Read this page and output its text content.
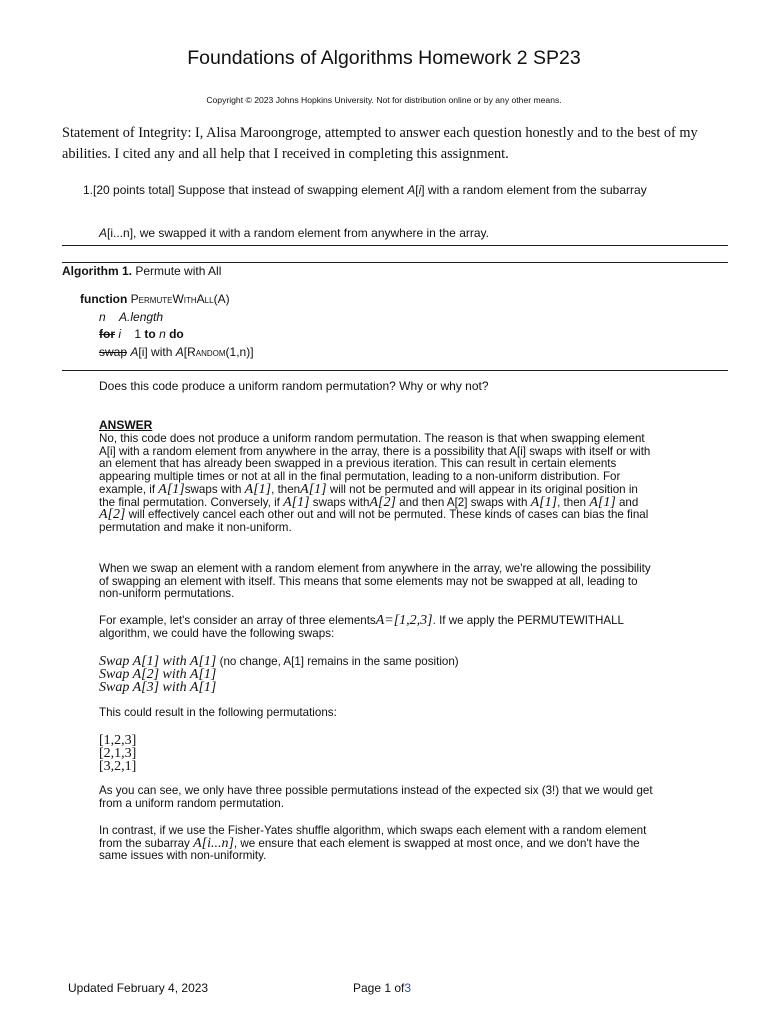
Foundations of Algorithms Homework 2 SP23
Copyright © 2023 Johns Hopkins University. Not for distribution online or by any other means.
Statement of Integrity: I, Alisa Maroongroge, attempted to answer each question honestly and to the best of my abilities. I cited any and all help that I received in completing this assignment.
1.[20 points total] Suppose that instead of swapping element A[i] with a random element from the subarray
A[i...n], we swapped it with a random element from anywhere in the array.
Algorithm 1. Permute with All
function PermuteWithAll(A)
n A.length
for i 1 to n do
swap A[i] with A[Random(1,n)]
Does this code produce a uniform random permutation? Why or why not?
ANSWER
No, this code does not produce a uniform random permutation. The reason is that when swapping element
A[i] with a random element from anywhere in the array, there is a possibility that A[i] swaps with itself or with
an element that has already been swapped in a previous iteration. This can result in certain elements
appearing multiple times or not at all in the final permutation, leading to a non-uniform distribution. For
example, if A[1]swaps with A[1], thenA[1] will not be permuted and will appear in its original position in
the final permutation. Conversely, if A[1] swaps withA[2] and then A[2] swaps with A[1], then A[1] and
A[2] will effectively cancel each other out and will not be permuted. These kinds of cases can bias the final
permutation and make it non-uniform.
When we swap an element with a random element from anywhere in the array, we're allowing the possibility
of swapping an element with itself. This means that some elements may not be swapped at all, leading to
non-uniform permutations.
For example, let's consider an array of three elementsA=[1,2,3]. If we apply the PERMUTEWITHALL
algorithm, we could have the following swaps:
Swap A[1] with A[1] (no change, A[1] remains in the same position)
Swap A[2] with A[1]
Swap A[3] with A[1]
This could result in the following permutations:
[1,2,3]
[2,1,3]
[3,2,1]
As you can see, we only have three possible permutations instead of the expected six (3!) that we would get
from a uniform random permutation.
In contrast, if we use the Fisher-Yates shuffle algorithm, which swaps each element with a random element
from the subarray A[i...n], we ensure that each element is swapped at most once, and we don't have the
same issues with non-uniformity.
Updated February 4, 2023	Page 1 of3
